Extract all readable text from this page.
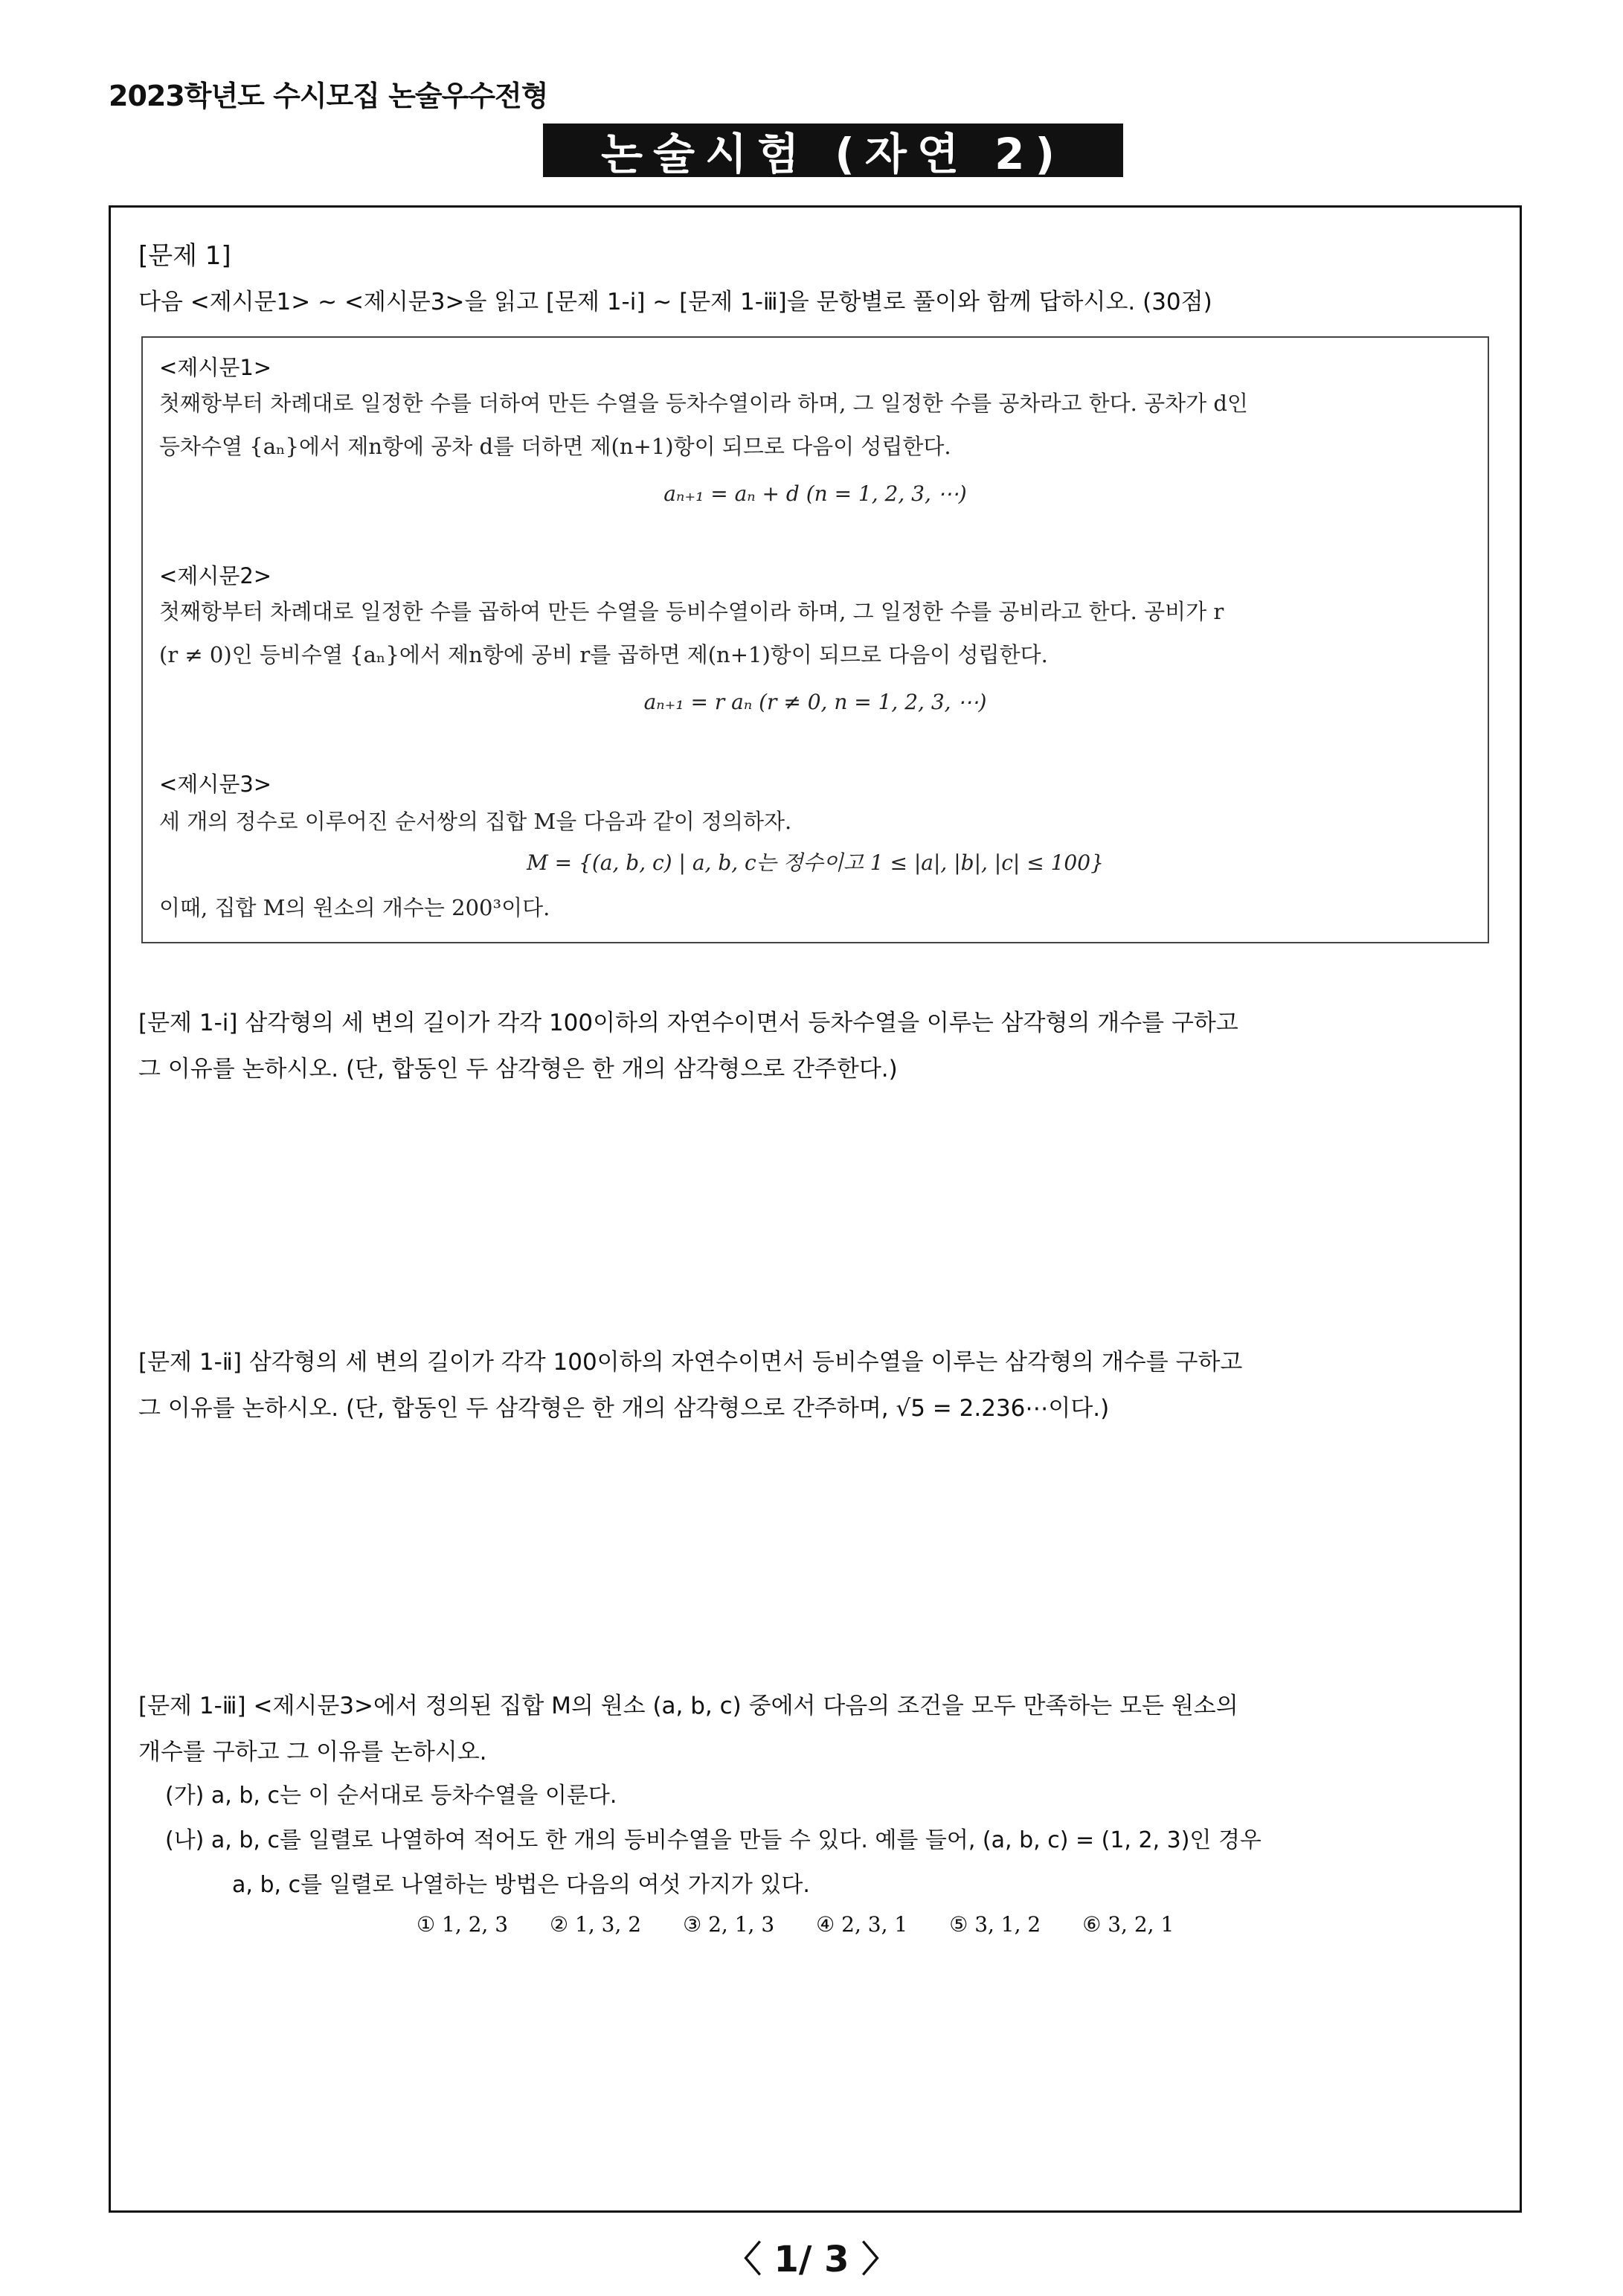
2023학년도 수시모집 논술우수전형
논술시험 (자연 2)
[문제 1]
다음 <제시문1> ~ <제시문3>을 읽고 [문제 1-ⅰ] ~ [문제 1-ⅲ]을 문항별로 풀이와 함께 답하시오. (30점)
<제시문1>
첫째항부터 차례대로 일정한 수를 더하여 만든 수열을 등차수열이라 하며, 그 일정한 수를 공차라고 한다. 공차가 d인
등차수열 {aₙ}에서 제n항에 공차 d를 더하면 제(n+1)항이 되므로 다음이 성립한다.
aₙ₊₁ = aₙ + d (n = 1, 2, 3, ⋯)
<제시문2>
첫째항부터 차례대로 일정한 수를 곱하여 만든 수열을 등비수열이라 하며, 그 일정한 수를 공비라고 한다. 공비가 r
(r ≠ 0)인 등비수열 {aₙ}에서 제n항에 공비 r를 곱하면 제(n+1)항이 되므로 다음이 성립한다.
aₙ₊₁ = r aₙ (r ≠ 0, n = 1, 2, 3, ⋯)
<제시문3>
세 개의 정수로 이루어진 순서쌍의 집합 M을 다음과 같이 정의하자.
M = {(a, b, c) | a, b, c는 정수이고 1 ≤ |a|, |b|, |c| ≤ 100}
이때, 집합 M의 원소의 개수는 200³이다.
[문제 1-ⅰ] 삼각형의 세 변의 길이가 각각 100이하의 자연수이면서 등차수열을 이루는 삼각형의 개수를 구하고
그 이유를 논하시오. (단, 합동인 두 삼각형은 한 개의 삼각형으로 간주한다.)
[문제 1-ⅱ] 삼각형의 세 변의 길이가 각각 100이하의 자연수이면서 등비수열을 이루는 삼각형의 개수를 구하고
그 이유를 논하시오. (단, 합동인 두 삼각형은 한 개의 삼각형으로 간주하며, √5 = 2.236⋯이다.)
[문제 1-ⅲ] <제시문3>에서 정의된 집합 M의 원소 (a, b, c) 중에서 다음의 조건을 모두 만족하는 모든 원소의
개수를 구하고 그 이유를 논하시오.
(가) a, b, c는 이 순서대로 등차수열을 이룬다.
(나) a, b, c를 일렬로 나열하여 적어도 한 개의 등비수열을 만들 수 있다. 예를 들어, (a, b, c) = (1, 2, 3)인 경우
a, b, c를 일렬로 나열하는 방법은 다음의 여섯 가지가 있다.
① 1, 2, 3 ② 1, 3, 2 ③ 2, 1, 3 ④ 2, 3, 1 ⑤ 3, 1, 2 ⑥ 3, 2, 1
〈 1/ 3 〉
